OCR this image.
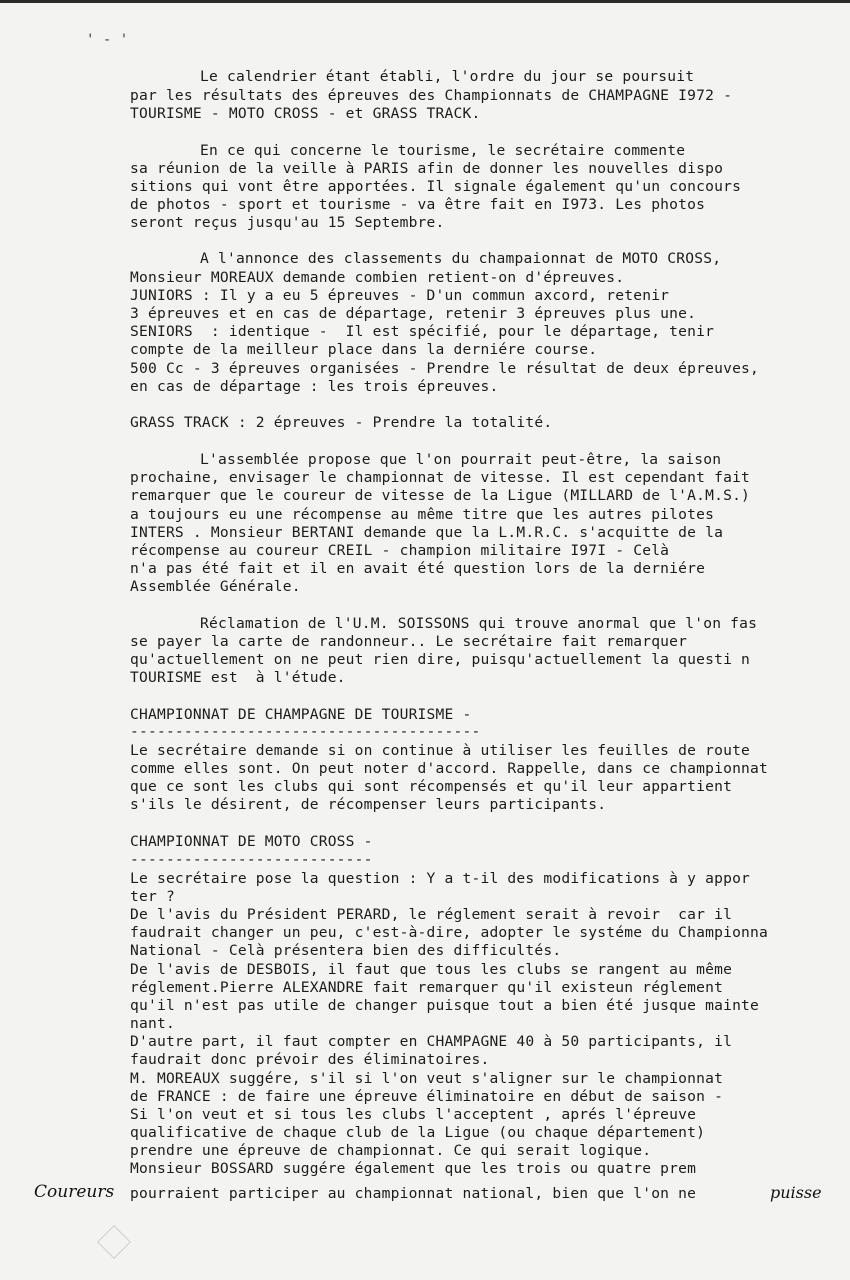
' - '
Le calendrier étant établi, l'ordre du jour se poursuit
par les résultats des épreuves des Championnats de CHAMPAGNE I972 -
TOURISME - MOTO CROSS - et GRASS TRACK.
En ce qui concerne le tourisme, le secrétaire commente
sa réunion de la veille à PARIS afin de donner les nouvelles dispo
sitions qui vont être apportées. Il signale également qu'un concours
de photos - sport et tourisme - va être fait en I973. Les photos
seront reçus jusqu'au 15 Septembre.
A l'annonce des classements du champaionnat de MOTO CROSS,
Monsieur MOREAUX demande combien retient-on d'épreuves.
JUNIORS : Il y a eu 5 épreuves - D'un commun axcord, retenir
3 épreuves et en cas de départage, retenir 3 épreuves plus une.
SENIORS  : identique -  Il est spécifié, pour le départage, tenir
compte de la meilleur place dans la derniére course.
500 Cc - 3 épreuves organisées - Prendre le résultat de deux épreuves,
en cas de départage : les trois épreuves.
GRASS TRACK : 2 épreuves - Prendre la totalité.
L'assemblée propose que l'on pourrait peut-être, la saison
prochaine, envisager le championnat de vitesse. Il est cependant fait
remarquer que le coureur de vitesse de la Ligue (MILLARD de l'A.M.S.)
a toujours eu une récompense au même titre que les autres pilotes
INTERS . Monsieur BERTANI demande que la L.M.R.C. s'acquitte de la
récompense au coureur CREIL - champion militaire I97I - Celà
n'a pas été fait et il en avait été question lors de la derniére
Assemblée Générale.
Réclamation de l'U.M. SOISSONS qui trouve anormal que l'on fas
se payer la carte de randonneur.. Le secrétaire fait remarquer
qu'actuellement on ne peut rien dire, puisqu'actuellement la questi n
TOURISME est  à l'étude.
CHAMPIONNAT DE CHAMPAGNE DE TOURISME -
---------------------------------------
Le secrétaire demande si on continue à utiliser les feuilles de route
comme elles sont. On peut noter d'accord. Rappelle, dans ce championnat
que ce sont les clubs qui sont récompensés et qu'il leur appartient
s'ils le désirent, de récompenser leurs participants.
CHAMPIONNAT DE MOTO CROSS -
---------------------------
Le secrétaire pose la question : Y a t-il des modifications à y appor
ter ?
De l'avis du Président PERARD, le réglement serait à revoir  car il
faudrait changer un peu, c'est-à-dire, adopter le systéme du Championna
National - Celà présentera bien des difficultés.
De l'avis de DESBOIS, il faut que tous les clubs se rangent au même
réglement.Pierre ALEXANDRE fait remarquer qu'il existeun réglement
qu'il n'est pas utile de changer puisque tout a bien été jusque mainte
nant.
D'autre part, il faut compter en CHAMPAGNE 40 à 50 participants, il
faudrait donc prévoir des éliminatoires.
M. MOREAUX suggére, s'il si l'on veut s'aligner sur le championnat
de FRANCE : de faire une épreuve éliminatoire en début de saison -
Si l'on veut et si tous les clubs l'acceptent , aprés l'épreuve
qualificative de chaque club de la Ligue (ou chaque département)
prendre une épreuve de championnat. Ce qui serait logique.
Monsieur BOSSARD suggére également que les trois ou quatre prem
pourraient participer au championnat national, bien que l'on ne
Coureurs	puisse
